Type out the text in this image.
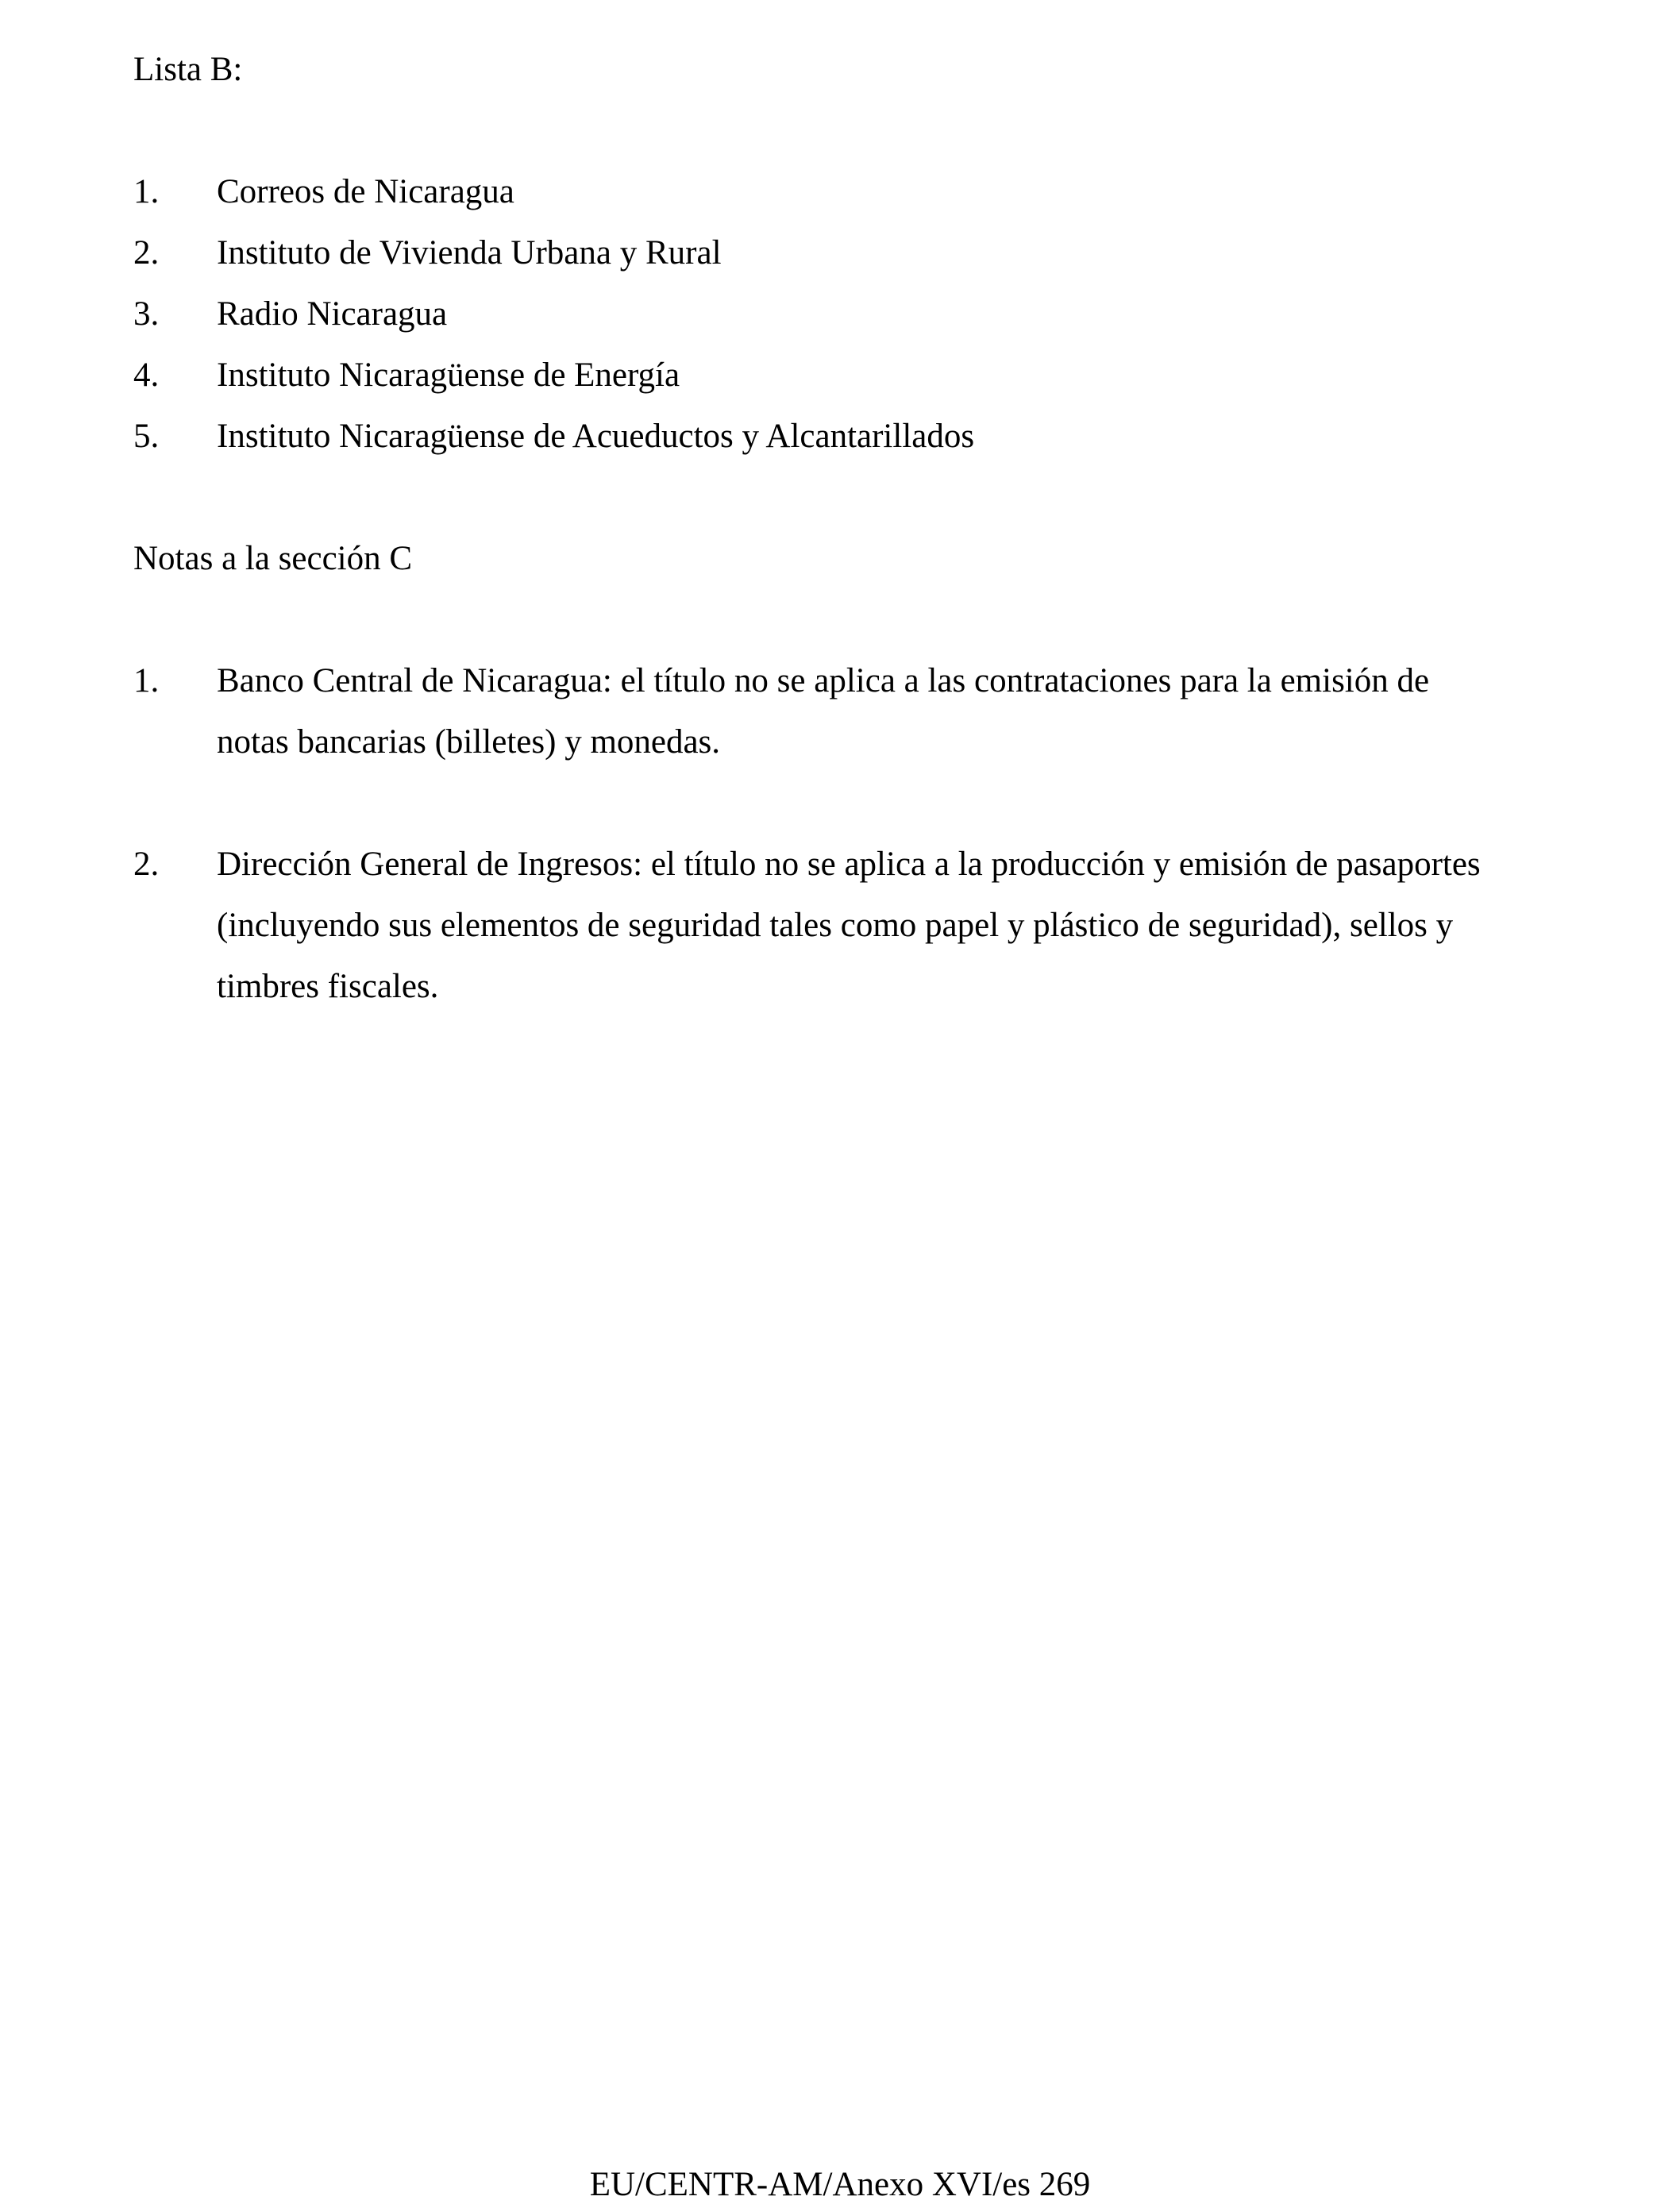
Lista B:
1. Correos de Nicaragua
2. Instituto de Vivienda Urbana y Rural
3. Radio Nicaragua
4. Instituto Nicaragüense de Energía
5. Instituto Nicaragüense de Acueductos y Alcantarillados
Notas a la sección C
1. Banco Central de Nicaragua: el título no se aplica a las contrataciones para la emisión de
notas bancarias (billetes) y monedas.
2. Dirección General de Ingresos: el título no se aplica a la producción y emisión de pasaportes
(incluyendo sus elementos de seguridad tales como papel y plástico de seguridad), sellos y
timbres fiscales.
EU/CENTR-AM/Anexo XVI/es 269
